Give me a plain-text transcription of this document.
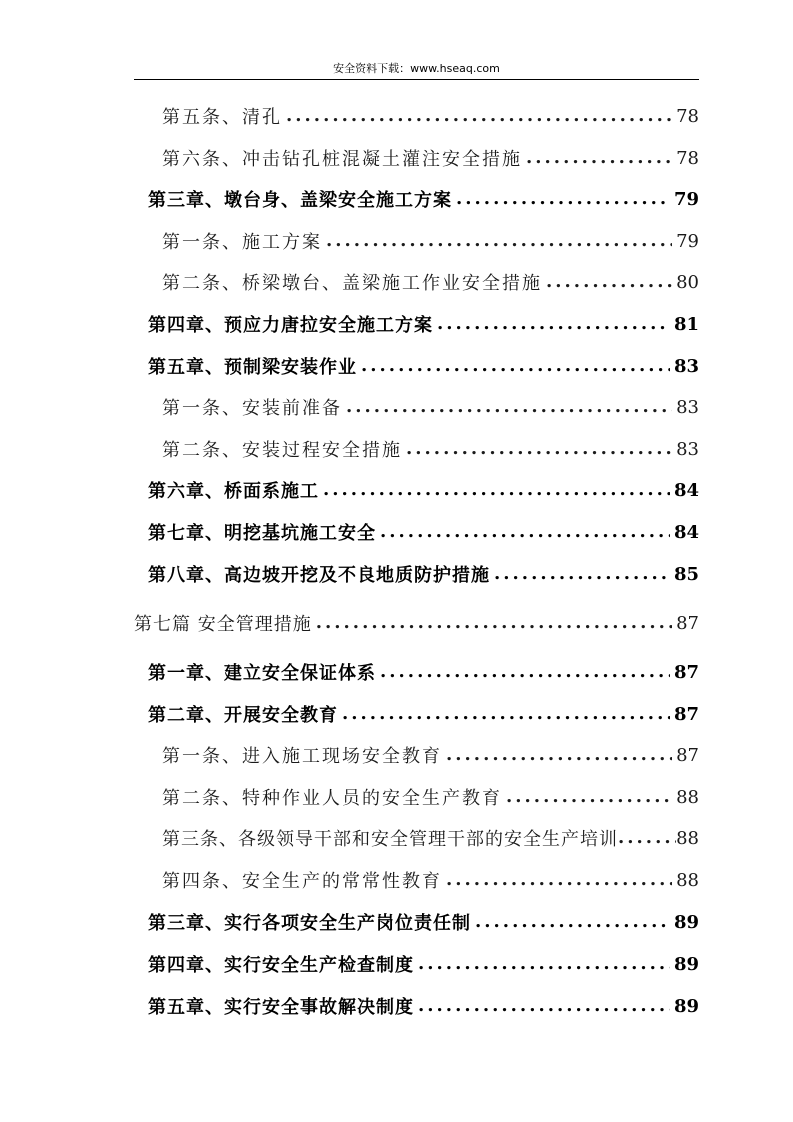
安全资料下载：www.hseaq.com
第五条、清孔 .....	78
第六条、冲击钻孔桩混凝土灌注安全措施 .....	78
第三章、墩台身、盖梁安全施工方案 .....	79
第一条、施工方案 .....	79
第二条、桥梁墩台、盖梁施工作业安全措施 .....	80
第四章、预应力唐拉安全施工方案 .....	81
第五章、预制梁安装作业 .....	83
第一条、安装前准备 .....	83
第二条、安装过程安全措施 .....	83
第六章、桥面系施工 .....	84
第七章、明挖基坑施工安全 .....	84
第八章、高边坡开挖及不良地质防护措施 .....	85
第七篇 安全管理措施 .....	87
第一章、建立安全保证体系 .....	87
第二章、开展安全教育 .....	87
第一条、进入施工现场安全教育 .....	87
第二条、特种作业人员的安全生产教育 .....	88
第三条、各级领导干部和安全管理干部的安全生产培训 .....	88
第四条、安全生产的常常性教育 .....	88
第三章、实行各项安全生产岗位责任制 .....	89
第四章、实行安全生产检查制度 .....	89
第五章、实行安全事故解决制度 .....	89
